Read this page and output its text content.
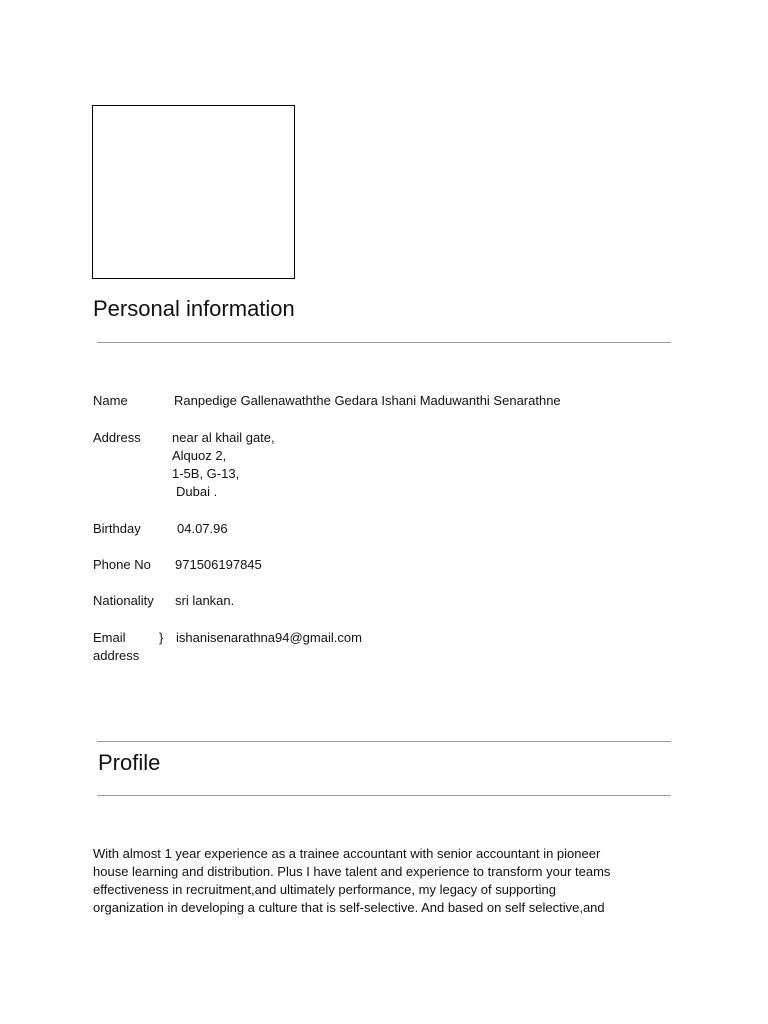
Personal information
Name	Ranpedige Gallenawaththe Gedara Ishani Maduwanthi Senarathne
Address near al khail gate,
Alquoz 2,
1-5B, G-13,
Dubai .
Birthday	04.07.96
Phone No 971506197845
Nationality sri lankan.
Email
address
} ishanisenarathna94@gmail.com
Profile
With almost 1 year experience as a trainee accountant with senior accountant in pioneer
house learning and distribution. Plus I have talent and experience to transform your teams
effectiveness in recruitment,and ultimately performance, my legacy of supporting
organization in developing a culture that is self-selective. And based on self selective,and
